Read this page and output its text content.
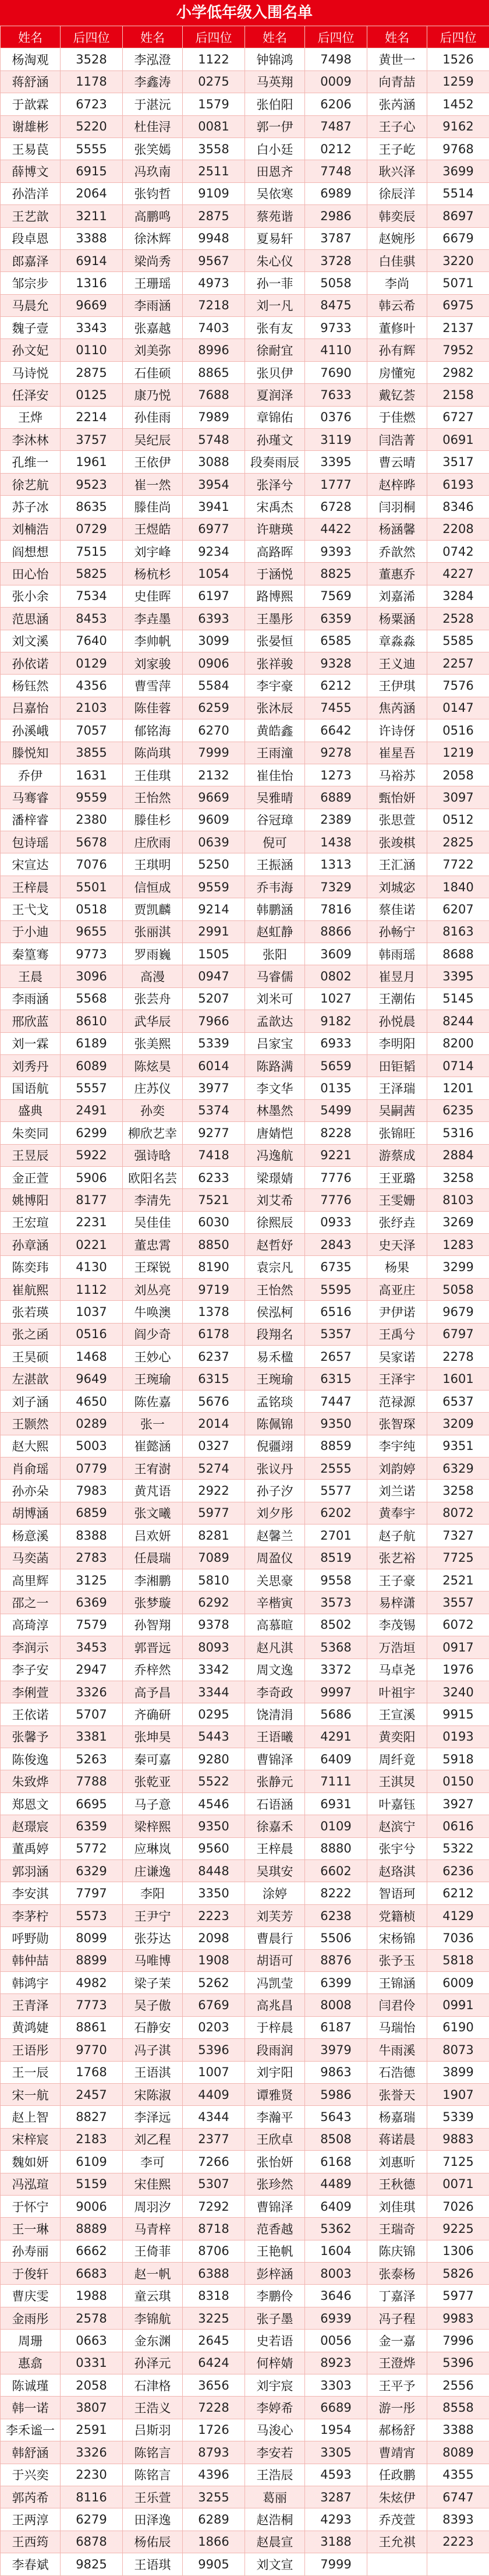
小学低年级入围名单
姓名	后四位	姓名	后四位	姓名	后四位	姓名	后四位
杨淘观	3528	李泓澄	1122	钟锦鸿	7498	黄世一	1526
蒋舒涵	1178	李鑫涛	0275	马英翔	0009	向青喆	1259
于歆霖	6723	于湛沅	1579	张伯阳	6206	张芮涵	1452
谢雄彬	5220	杜佳浔	0081	郭一伊	7487	王子心	9162
王易苠	5555	张笑嫣	3558	白小廷	0212	王子屹	9768
薛博文	6915	冯玖南	2511	田恩齐	7748	耿兴泽	3699
孙浩洋	2064	张钧哲	9109	吴依寒	6989	徐辰洋	5514
王艺歆	3211	高鹏鸣	2875	蔡苑谐	2986	韩奕辰	8697
段卓恩	3388	徐沐辉	9948	夏易轩	3787	赵婉彤	6679
郎嘉泽	6914	梁尚秀	9567	朱心仪	3728	白佳骐	3220
邹宗步	1316	王珊瑶	4973	孙一菲	5058	李尚	5071
马晨允	9669	李雨涵	7218	刘一凡	8475	韩云希	6975
魏子壹	3343	张嘉越	7403	张有友	9733	董修叶	2137
孙文妃	0110	刘美弥	8996	徐耐宜	4110	孙有辉	7952
马诗悦	2875	石佳硕	8865	张贝伊	7690	房懂宛	2982
任泽安	0125	康乃悦	7688	夏润泽	7633	戴钇荟	2158
王烨	2214	孙佳雨	7989	章锦佑	0376	于佳燃	6727
李沐林	3757	吴纪辰	5748	孙瑾文	3119	闫浩菁	0691
孔维一	1961	王依伊	3088	段奏雨辰	3395	曹云晴	3517
徐艺航	9523	崔一然	3954	张泽兮	1777	赵梓晔	6193
苏子冰	8635	滕佳尚	3941	宋禹杰	6728	闫羽桐	8346
刘楠浩	0729	王煜皓	6977	许瑭瑛	4422	杨涵馨	2208
阎想想	7515	刘宇峰	9234	高路晖	9393	乔歆然	0742
田心怡	5825	杨杭杉	1054	于涵悦	8825	董惠乔	4227
张小余	7534	史佳晖	6197	路博熙	7569	刘嘉浠	3284
范思涵	8453	李垚墨	6393	王墨彤	6359	杨粟涵	2528
刘文溪	7640	李帅帆	3099	张晏恒	6585	章淼淼	5585
孙依诺	0129	刘家骏	0906	张祥骏	9328	王义迪	2257
杨钰然	4356	曹雪萍	5584	李宇豪	6212	王伊琪	7576
吕嘉怡	2103	陈佳蓉	6259	张沐辰	7455	焦芮涵	0147
孙溪峨	7057	郁铭海	6270	黄皓鑫	6642	许诗伢	0516
滕悦知	3855	陈尚琪	7999	王雨潼	9278	崔星吾	1219
乔伊	1631	王佳琪	2132	崔佳怡	1273	马裕苏	2058
马骞睿	9559	王怡然	9669	吴雅晴	6889	甄怡妍	3097
潘梓睿	2380	滕佳杉	9609	谷冠璋	2389	张思萱	0512
包诗瑶	5678	庄欣雨	0639	倪可	1438	张竣棋	2825
宋宣达	7076	王琪明	5250	王振涵	1313	王汇涵	7722
王梓晨	5501	信恒成	9559	乔韦海	7329	刘城宓	1840
王弋戈	0518	贾凯麟	9214	韩鹏涵	7816	蔡佳诺	6207
于小迪	9655	张丽淇	2991	赵虹静	8866	孙畅宁	8163
秦篁骞	9773	罗雨巍	1505	张阳	3609	韩雨瑶	8688
王晨	3096	高漫	0947	马睿儒	0802	崔昱月	3395
李雨涵	5568	张芸舟	5207	刘米可	1027	王潮佑	5145
邢欣蓝	8610	武华辰	7966	孟歆达	9182	孙悦晨	8244
刘一霖	6189	张美熙	5339	吕家宝	6933	李明阳	8200
刘秀丹	6089	陈炫昊	6014	陈路满	5659	田钜韬	0714
国语航	5557	庄苏仪	3977	李文华	0135	王泽瑞	1201
盛典	2491	孙奕	5374	林墨然	5499	吴嗣茜	6235
朱奕同	6299	柳欣艺幸	9277	唐婧恺	8228	张锦旺	5316
王昱辰	5922	强诗晗	7418	冯逸航	9221	游蔡成	2884
金正萱	5906	欧阳名芸	6233	梁璟婧	7776	王亚璐	3258
姚博阳	8177	李清先	7521	刘艾希	7776	王雯姗	8103
王宏瑄	2231	吴佳佳	6030	徐熙辰	0933	张纾垚	3269
孙章涵	0221	董忠霄	8850	赵哲妤	2843	史天泽	1283
陈奕玮	4130	王琛锐	8190	袁宗凡	6735	杨果	3299
崔航熙	1112	刘丛亮	9719	王怡然	5595	高亚庄	5058
张若瑛	1037	牛唤澳	1378	侯泓柯	6516	尹伊诺	9679
张之函	0516	阎少奇	6178	段翔名	5357	王禹兮	6797
王昊硕	1468	王妙心	6237	易禾楹	2657	吴家诺	2278
左湛歆	9649	王琬瑜	6315	王琬瑜	6315	王泽宇	1601
刘子涵	4650	陈佐嘉	5676	孟铭琰	7447	范禄源	6537
王颢然	0289	张一	2014	陈佩锦	9350	张智琛	3209
赵大熙	5003	崔懿涵	0327	倪疆翊	8859	李宇纯	9351
肖俞瑶	0779	王宥澍	5274	张议丹	2555	刘韵婷	6329
孙亦朵	7983	黄芃语	2922	孙子汐	5577	刘兰诺	3258
胡博涵	6859	张文曦	5977	刘夕彤	6202	黄奉宇	8072
杨意溪	8388	吕欢妍	8281	赵馨兰	2701	赵子航	7327
马奕菡	2783	任晨瑞	7089	周盈仪	8519	张艺裕	7725
高里辉	3125	李湘鹏	5810	关思豪	9558	王子豪	2521
邵之一	6369	张梦璇	6292	辛楷寅	3573	易梓潇	3557
高琦淳	7579	孙智翔	9378	高慕暄	8502	李茂锡	6072
李润示	3453	郭晋远	8093	赵凡淇	5368	万浩垣	0917
李子安	2947	乔梓然	3342	周文逸	3372	马卓尧	1976
李俐萱	3326	高予昌	3344	李奇政	9997	叶祖宇	3240
王依诺	5707	齐确研	0295	饶清涓	5686	王宣溪	9915
张馨予	3381	张坤昊	5443	王语曦	4291	黄奕阳	0193
陈俊逸	5263	秦可嘉	9280	曹锦泽	6409	周纤竟	5918
朱致烨	7788	张乾亚	5522	张静元	7111	王淇炅	0150
郑恩文	6695	马子意	4546	石语涵	6931	叶嘉钰	3927
赵璟宸	6359	梁梓熙	9350	徐嘉禾	0109	赵滨宁	0616
董禹婷	5772	应琳岚	9560	王梓晨	8880	张宇兮	5322
郭羽涵	6329	庄谦逸	8448	吴琪安	6602	赵珞淇	6236
李安淇	7797	李阳	3350	涂婷	8222	智语珂	6212
李茅柠	5573	王尹宁	2223	刘芙芳	6238	党籍桢	4129
呼野勋	8099	张芬达	2098	曹晨行	5506	宋杨锦	7036
韩仲喆	8899	马唯博	1908	胡语可	8876	张予玉	5818
韩鸿宇	4982	梁子茉	5262	冯凯莹	6399	王锦涵	6009
王青泽	7773	吴子傲	6769	高兆昌	8008	闫君伶	0991
黄鸿婕	8861	石静安	0203	于梓晨	6187	马瑞怡	6190
王语彤	9770	冯子淇	5396	段雨润	3979	牛雨溪	8073
王一辰	1768	王语淇	1007	刘宇阳	9863	石浩德	3899
宋一航	2457	宋陈淑	4409	谭雅贤	5986	张誉天	1907
赵上智	8827	李泽远	4344	李瀚平	5643	杨嘉瑞	5339
宋梓宸	2183	刘乙程	2377	王欣卓	8508	蒋诺晨	9883
魏如妍	6109	李可	7266	张怡妍	6168	刘惠昕	7125
冯泓瑄	5159	宋佳熙	5307	张珍然	4489	王秋德	0071
于怀宁	9006	周羽汐	7292	曹锦泽	6409	刘佳琪	7026
王一琳	8889	马青梓	8718	范香越	5362	王瑞奇	9225
孙寿丽	6662	王倚菲	8706	王艳帆	1604	陈庆锦	1306
于俊轩	6683	赵一帆	6388	彭梓涵	8003	张泰杨	5826
曹庆雯	1988	童云琪	8318	李鹏伶	3646	丁嘉泽	5977
金雨彤	2578	李锦航	3225	张子墨	6939	冯子程	9983
周珊	0663	金东渊	2645	史若语	0056	金一嘉	7996
惠翕	0331	孙泽元	6424	何梓婧	8923	王澄烨	5396
陈诚瑾	2058	石津格	3656	刘宇宸	3303	王平予	2556
韩一诺	3807	王浩义	7228	李婷希	6689	游一彤	8558
李禾谧一	2591	吕斯羽	1726	马浚心	1954	郝杨舒	3388
韩舒涵	3326	陈铭言	8793	李安若	3305	曹靖宵	8089
于兴奕	2230	陈铭言	4396	王浩辰	4593	任政鹏	4355
郭芮希	8116	王乐萱	3255	葛丽	3287	朱炫伊	6747
王两淳	6279	田泽逸	6289	赵浩桐	4293	乔茂萱	8393
王西筠	6878	杨佑辰	1866	赵晨宣	3188	王允祺	2223
李春斌	9825	王语琪	9905	刘文宣	7999		
